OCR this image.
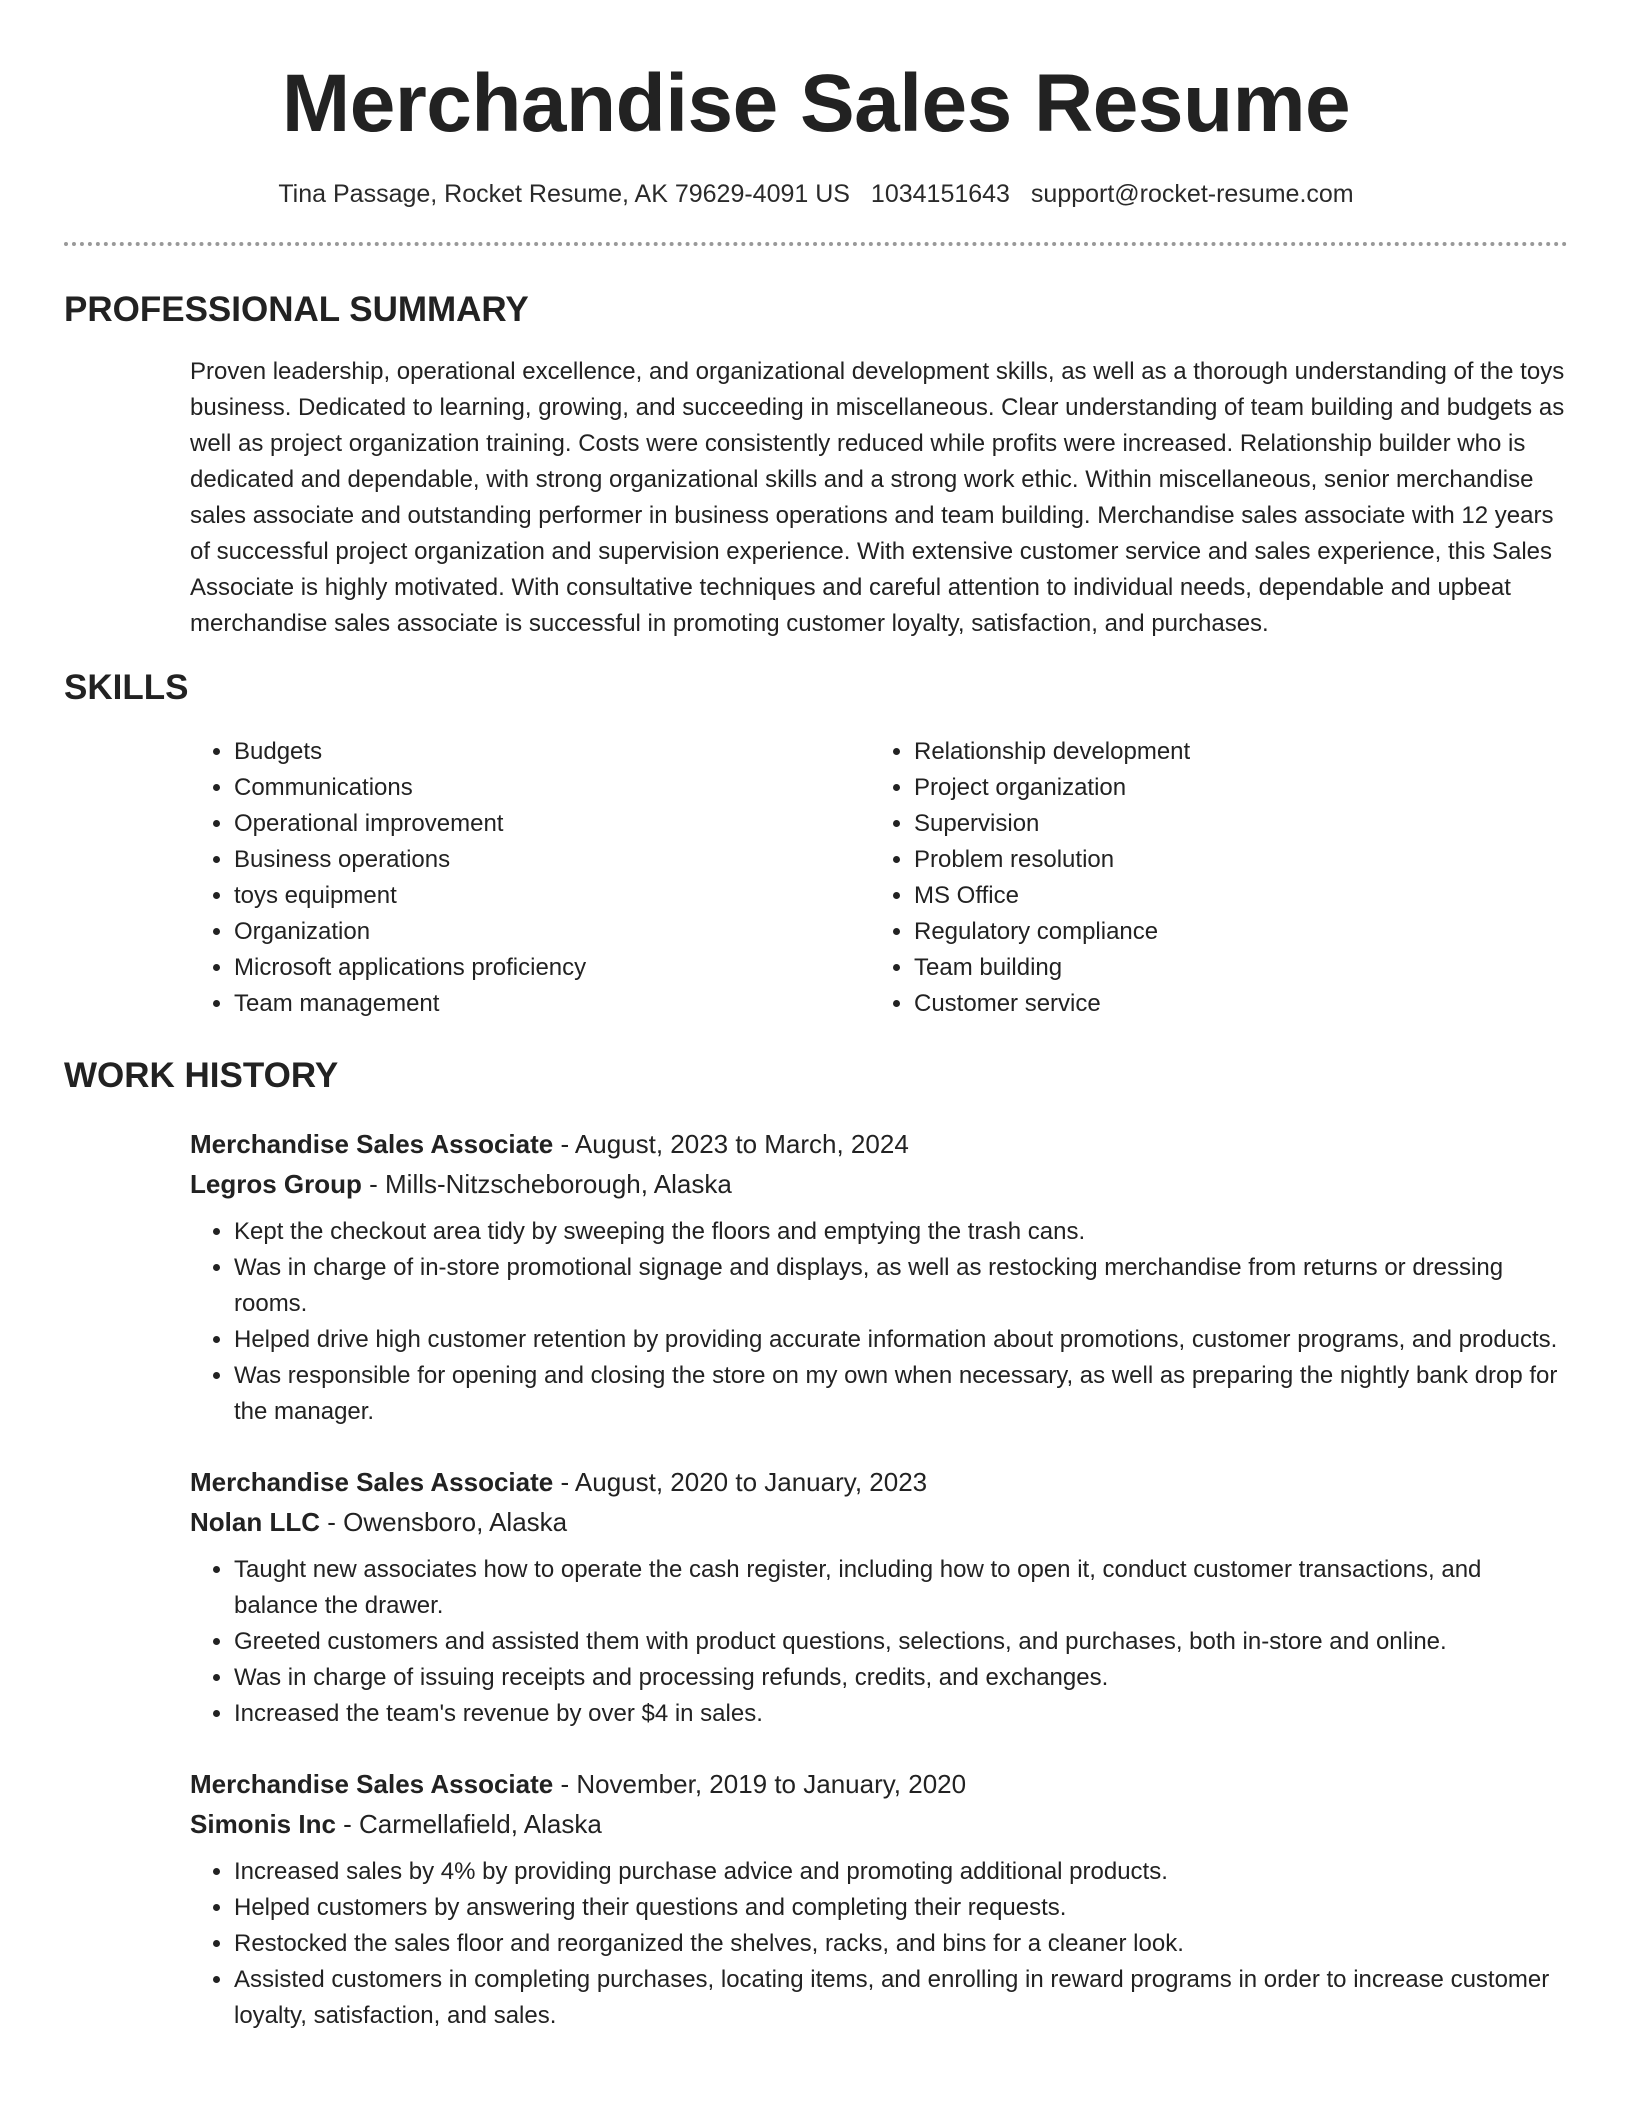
Merchandise Sales Resume
Tina Passage, Rocket Resume, AK 79629-4091 US 1034151643 support@rocket-resume.com
PROFESSIONAL SUMMARY

Proven leadership, operational excellence, and organizational development skills, as well as a thorough understanding of the toys business. Dedicated to learning, growing, and succeeding in miscellaneous. Clear understanding of team building and budgets as well as project organization training. Costs were consistently reduced while profits were increased. Relationship builder who is dedicated and dependable, with strong organizational skills and a strong work ethic. Within miscellaneous, senior merchandise sales associate and outstanding performer in business operations and team building. Merchandise sales associate with 12 years of successful project organization and supervision experience. With extensive customer service and sales experience, this Sales Associate is highly motivated. With consultative techniques and careful attention to individual needs, dependable and upbeat merchandise sales associate is successful in promoting customer loyalty, satisfaction, and purchases.

SKILLS
• Budgets
• Communications
• Operational improvement
• Business operations
• toys equipment
• Organization
• Microsoft applications proficiency
• Team management
• Relationship development
• Project organization
• Supervision
• Problem resolution
• MS Office
• Regulatory compliance
• Team building
• Customer service
WORK HISTORY
Merchandise Sales Associate - August, 2023 to March, 2024
Legros Group - Mills-Nitzscheborough, Alaska
• Kept the checkout area tidy by sweeping the floors and emptying the trash cans.
• Was in charge of in-store promotional signage and displays, as well as restocking merchandise from returns or dressing rooms.
• Helped drive high customer retention by providing accurate information about promotions, customer programs, and products.
• Was responsible for opening and closing the store on my own when necessary, as well as preparing the nightly bank drop for the manager.
Merchandise Sales Associate - August, 2020 to January, 2023
Nolan LLC - Owensboro, Alaska
• Taught new associates how to operate the cash register, including how to open it, conduct customer transactions, and balance the drawer.
• Greeted customers and assisted them with product questions, selections, and purchases, both in-store and online.
• Was in charge of issuing receipts and processing refunds, credits, and exchanges.
• Increased the team's revenue by over $4 in sales.
Merchandise Sales Associate - November, 2019 to January, 2020
Simonis Inc - Carmellafield, Alaska
• Increased sales by 4% by providing purchase advice and promoting additional products.
• Helped customers by answering their questions and completing their requests.
• Restocked the sales floor and reorganized the shelves, racks, and bins for a cleaner look.
• Assisted customers in completing purchases, locating items, and enrolling in reward programs in order to increase customer loyalty, satisfaction, and sales.
